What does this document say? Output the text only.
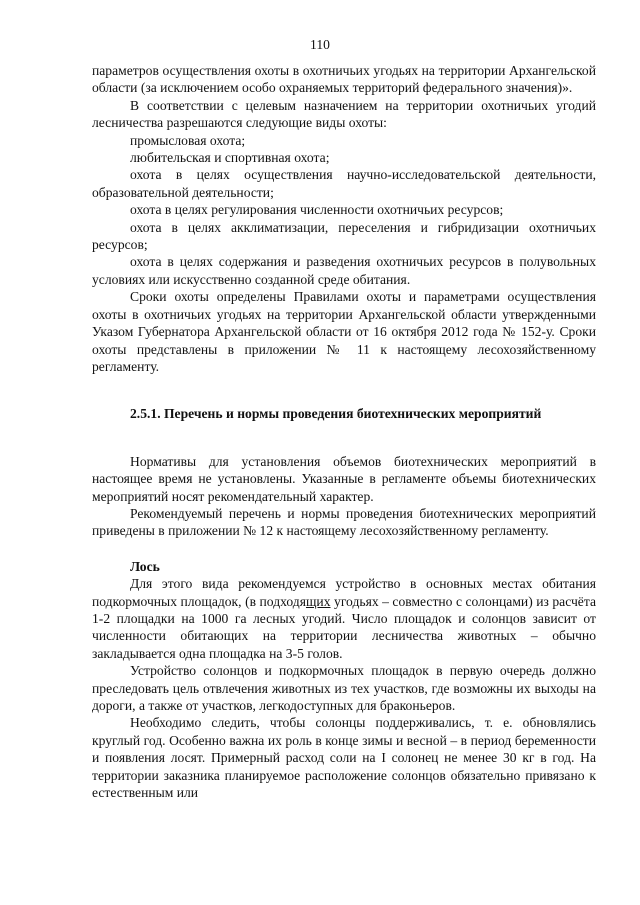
110

параметров осуществления охоты в охотничьих угодьях на территории Архангельской области (за исключением особо охраняемых территорий федерального значения)».

В соответствии с целевым назначением на территории охотничьих угодий лесничества разрешаются следующие виды охоты:

промысловая охота;

любительская и спортивная охота;

охота в целях осуществления научно-исследовательской деятельности, образовательной деятельности;

охота в целях регулирования численности охотничьих ресурсов;

охота в целях акклиматизации, переселения и гибридизации охотничьих ресурсов;

охота в целях содержания и разведения охотничьих ресурсов в полувольных условиях или искусственно созданной среде обитания.

Сроки охоты определены Правилами охоты и параметрами осуществления охоты в охотничьих угодьях на территории Архангельской области утвержденными Указом Губернатора Архангельской области от 16 октября 2012 года № 152-у. Сроки охоты представлены в приложении № 11 к настоящему лесохозяйственному регламенту.

2.5.1. Перечень и нормы проведения биотехнических мероприятий

Нормативы для установления объемов биотехнических мероприятий в настоящее время не установлены. Указанные в регламенте объемы биотехнических мероприятий носят рекомендательный характер.

Рекомендуемый перечень и нормы проведения биотехнических мероприятий приведены в приложении № 12 к настоящему лесохозяйственному регламенту.

Лось

Для этого вида рекомендуемся устройство в основных местах обитания подкормочных площадок, (в подходящих угодьях – совместно с солонцами) из расчёта 1-2 площадки на 1000 га лесных угодий. Число площадок и солонцов зависит от численности обитающих на территории лесничества животных – обычно закладывается одна площадка на 3-5 голов.

Устройство солонцов и подкормочных площадок в первую очередь должно преследовать цель отвлечения животных из тех участков, где возможны их выходы на дороги, а также от участков, легкодоступных для браконьеров.

Необходимо следить, чтобы солонцы поддерживались, т. е. обновлялись круглый год. Особенно важна их роль в конце зимы и весной – в период беременности и появления лосят. Примерный расход соли на I солонец не менее 30 кг в год. На территории заказника планируемое расположение солонцов обязательно привязано к естественным или
